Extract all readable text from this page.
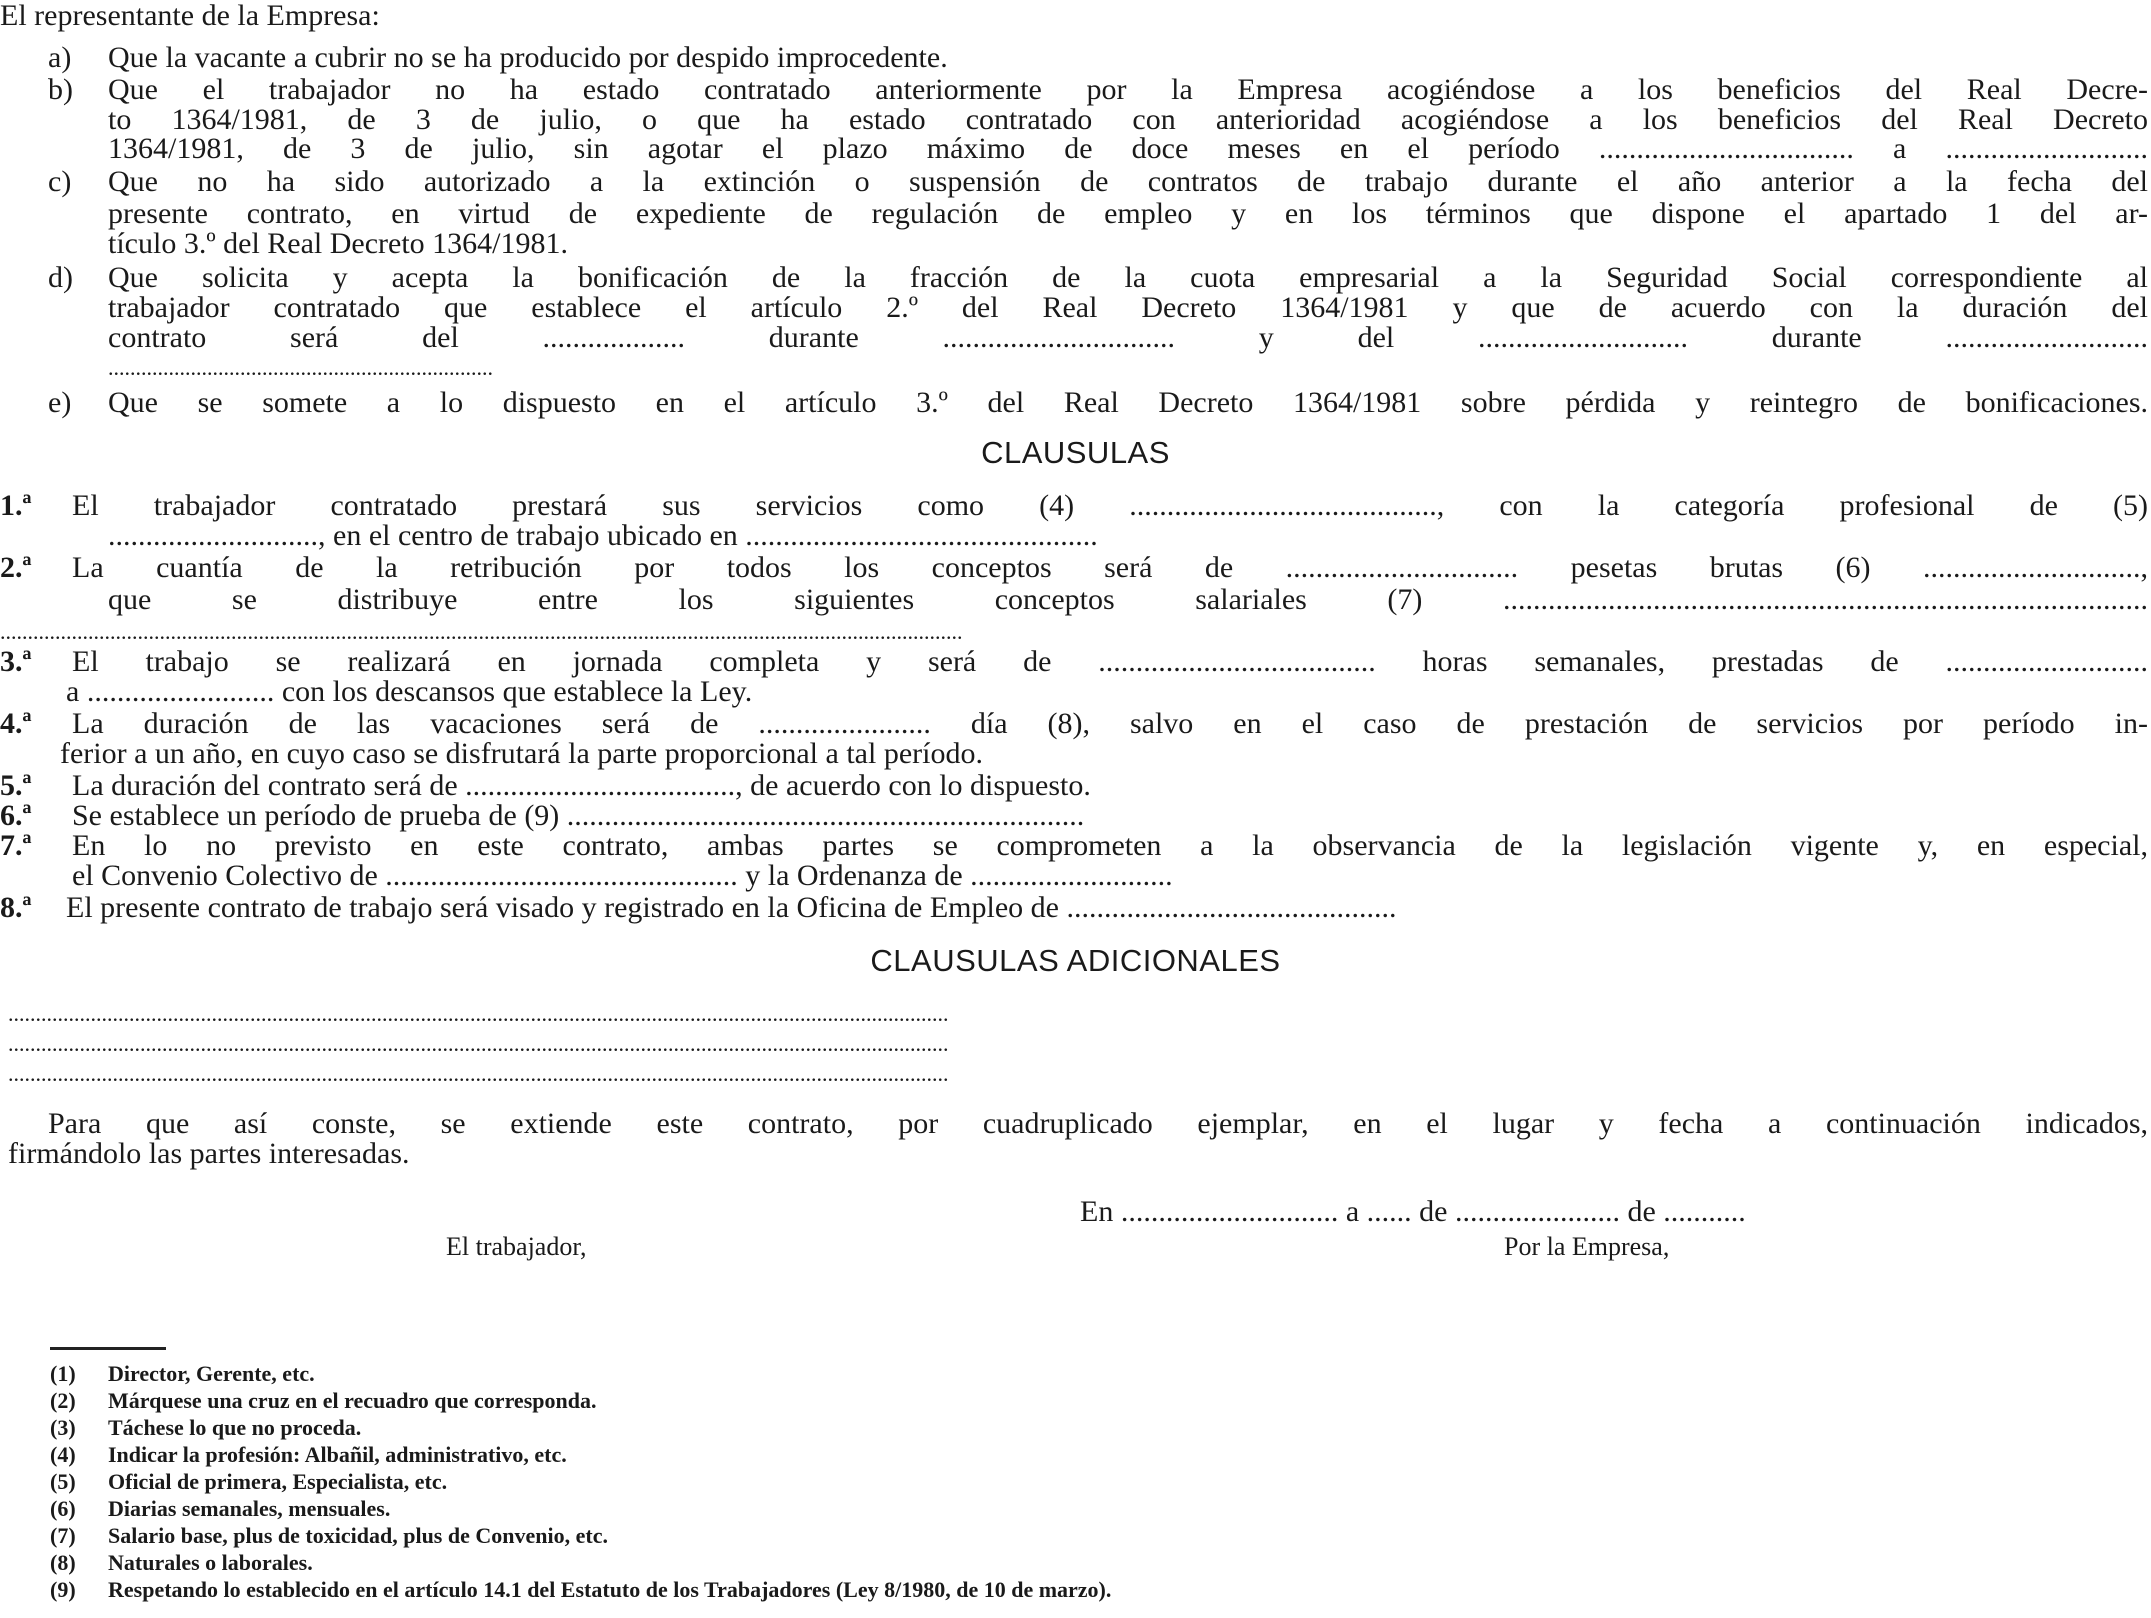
El representante de la Empresa:
a) Que la vacante a cubrir no se ha producido por despido improcedente.
b) Que el trabajador no ha estado contratado anteriormente por la Empresa acogiéndose a los beneficios del Real Decre-
to 1364/1981, de 3 de julio, o que ha estado contratado con anterioridad acogiéndose a los beneficios del Real Decreto
1364/1981, de 3 de julio, sin agotar el plazo máximo de doce meses en el período .................................. a ...........................
c) Que no ha sido autorizado a la extinción o suspensión de contratos de trabajo durante el año anterior a la fecha del
presente contrato, en virtud de expediente de regulación de empleo y en los términos que dispone el apartado 1 del ar-
tículo 3.º del Real Decreto 1364/1981.
d) Que solicita y acepta la bonificación de la fracción de la cuota empresarial a la Seguridad Social correspondiente al
trabajador contratado que establece el artículo 2.º del Real Decreto 1364/1981 y que de acuerdo con la duración del
contrato será del ................... durante ............................... y del ............................ durante ...........................
......................................................................
e) Que se somete a lo dispuesto en el artículo 3.º del Real Decreto 1364/1981 sobre pérdida y reintegro de bonificaciones.
CLAUSULAS
1.ª El trabajador contratado prestará sus servicios como (4) ........................................., con la categoría profesional de (5)
............................, en el centro de trabajo ubicado en ...............................................
2.ª La cuantía de la retribución por todos los conceptos será de ............................... pesetas brutas (6) .............................,
que se distribuye entre los siguientes conceptos salariales (7) ......................................................................................
...............................................................................................................................................................................
3.ª El trabajo se realizará en jornada completa y será de ..................................... horas semanales, prestadas de ...........................
a ......................... con los descansos que establece la Ley.
4.ª La duración de las vacaciones será de ....................... día (8), salvo en el caso de prestación de servicios por período in-
ferior a un año, en cuyo caso se disfrutará la parte proporcional a tal período.
5.ª La duración del contrato será de ...................................., de acuerdo con lo dispuesto.
6.ª Se establece un período de prueba de (9) .....................................................................
7.ª En lo no previsto en este contrato, ambas partes se comprometen a la observancia de la legislación vigente y, en especial,
el Convenio Colectivo de ............................................... y la Ordenanza de ...........................
8.ª El presente contrato de trabajo será visado y registrado en la Oficina de Empleo de ............................................
CLAUSULAS ADICIONALES
...........................................................................................................................................................................
...........................................................................................................................................................................
...........................................................................................................................................................................
Para que así conste, se extiende este contrato, por cuadruplicado ejemplar, en el lugar y fecha a continuación indicados,
firmándolo las partes interesadas.
En ............................. a ...... de ...................... de ...........
El trabajador,	Por la Empresa,
(1) Director, Gerente, etc.
(2) Márquese una cruz en el recuadro que corresponda.
(3) Táchese lo que no proceda.
(4) Indicar la profesión: Albañil, administrativo, etc.
(5) Oficial de primera, Especialista, etc.
(6) Diarias semanales, mensuales.
(7) Salario base, plus de toxicidad, plus de Convenio, etc.
(8) Naturales o laborales.
(9) Respetando lo establecido en el artículo 14.1 del Estatuto de los Trabajadores (Ley 8/1980, de 10 de marzo).
